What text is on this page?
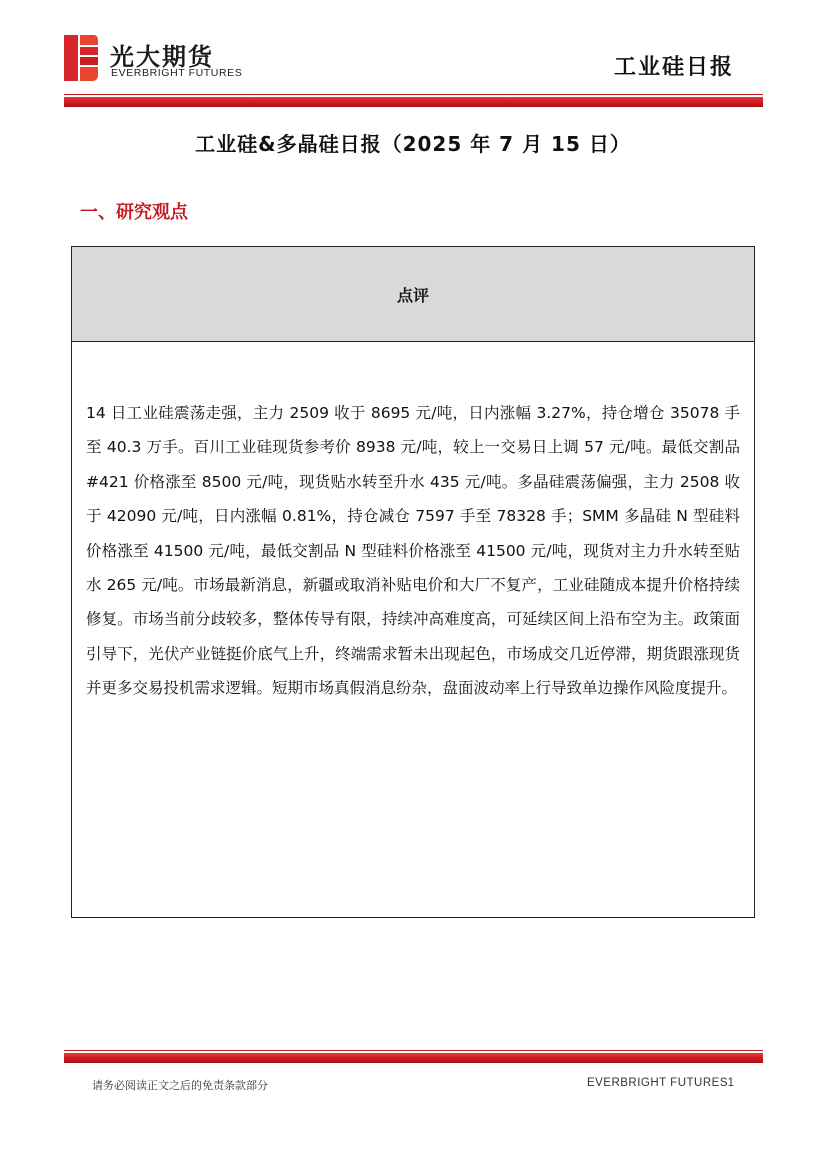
光大期货
EVERBRIGHT FUTURES	工业硅日报
工业硅&多晶硅日报（2025 年 7 月 15 日）
一、研究观点
点评
14 日工业硅震荡走强，主力 2509 收于 8695 元/吨，日内涨幅 3.27%，持仓增仓 35078 手至 40.3 万手。百川工业硅现货参考价 8938 元/吨，较上一交易日上调 57 元/吨。最低交割品#421 价格涨至 8500 元/吨，现货贴水转至升水 435 元/吨。多晶硅震荡偏强，主力 2508 收于 42090 元/吨，日内涨幅 0.81%，持仓减仓 7597 手至 78328 手；SMM 多晶硅 N 型硅料价格涨至 41500 元/吨，最低交割品 N 型硅料价格涨至 41500 元/吨，现货对主力升水转至贴水 265 元/吨。市场最新消息，新疆或取消补贴电价和大厂不复产，工业硅随成本提升价格持续修复。市场当前分歧较多，整体传导有限，持续冲高难度高，可延续区间上沿布空为主。政策面引导下，光伏产业链挺价底气上升，终端需求暂未出现起色，市场成交几近停滞，期货跟涨现货并更多交易投机需求逻辑。短期市场真假消息纷杂，盘面波动率上行导致单边操作风险度提升。
请务必阅读正文之后的免责条款部分	EVERBRIGHT FUTURES 1
